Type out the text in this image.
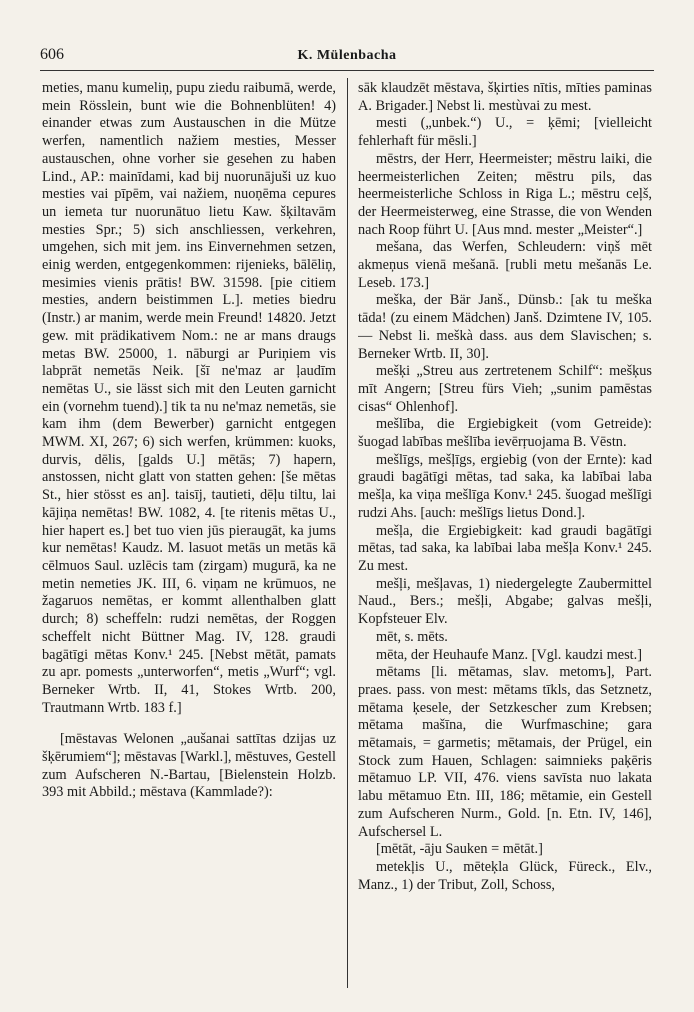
606	K. Mülenbacha

meties, manu kumeliņ, pupu ziedu raibumā, werde, mein Rösslein, bunt wie die Bohnenblüten! 4) einander etwas zum Austauschen in die Mütze werfen, namentlich nažiem mesties, Messer austauschen, ohne vorher sie gesehen zu haben Lind., AP.: mainīdami, kad bij nuorunājuši uz kuo mesties vai pīpēm, vai nažiem, nuoņēma cepures un iemeta tur nuorunātuo lietu Kaw. šķiltavām mesties Spr.; 5) sich anschliessen, verkehren, umgehen, sich mit jem. ins Einvernehmen setzen, einig werden, entgegenkommen: rijenieks, bālēliņ, mesimies vienis prātis! BW. 31598. [pie citiem mesties, andern beistimmen L.]. meties biedru (Instr.) ar manim, werde mein Freund! 14820. Jetzt gew. mit prädikativem Nom.: ne ar mans draugs metas BW. 25000, 1. nāburgi ar Puriņiem vis labprāt nemetās Neik. [šī ne'maz ar ļaudīm nemētas U., sie lässt sich mit den Leuten garnicht ein (vornehm tuend).] tik ta nu ne'maz nemetās, sie kam ihm (dem Bewerber) garnicht entgegen MWM. XI, 267; 6) sich werfen, krümmen: kuoks, durvis, dēlis, [galds U.] mētās; 7) hapern, anstossen, nicht glatt von statten gehen: [še mētas St., hier stösst es an]. taisīj, tautieti, dēļu tiltu, lai kājiņa nemētas! BW. 1082, 4. [te ritenis mētas U., hier hapert es.] bet tuo vien jūs pieraugāt, ka jums kur nemētas! Kaudz. M. lasuot metās un metās kā cēlmuos Saul. uzlēcis tam (zirgam) mugurā, ka ne metin nemeties JK. III, 6. viņam ne krūmuos, ne žagaruos nemētas, er kommt allenthalben glatt durch; 8) scheffeln: rudzi nemētas, der Roggen scheffelt nicht Büttner Mag. IV, 128. graudi bagātīgi mētas Konv.¹ 245. [Nebst mētāt, pamats zu apr. pomests „unterworfen“, metis „Wurf“; vgl. Berneker Wrtb. II, 41, Stokes Wrtb. 200, Trautmann Wrtb. 183 f.]

[mēstavas Welonen „aušanai sattītas dzijas uz šķērumiem“]; mēstavas [Warkl.], mēstuves, Gestell zum Aufscheren N.-Bartau, [Bielenstein Holzb. 393 mit Abbild.; mēstava (Kammlade?):

sāk klaudzēt mēstava, šķirties nītis, mīties paminas A. Brigader.] Nebst li. mestùvai zu mest.

mesti („unbek.“) U., = ķēmi; [vielleicht fehlerhaft für mēsli.]

mēstrs, der Herr, Heermeister; mēstru laiki, die heermeisterlichen Zeiten; mēstru pils, das heermeisterliche Schloss in Riga L.; mēstru ceļš, der Heermeisterweg, eine Strasse, die von Wenden nach Roop führt U. [Aus mnd. mester „Meister“.]

mešana, das Werfen, Schleudern: viņš mēt akmeņus vienā mešanā. [rubli metu mešanās Le. Leseb. 173.]

meška, der Bär Janš., Dünsb.: [ak tu meška tāda! (zu einem Mädchen) Janš. Dzimtene IV, 105. — Nebst li. meškà dass. aus dem Slavischen; s. Berneker Wrtb. II, 30].

mešķi „Streu aus zertretenem Schilf“: mešķus mīt Angern; [Streu fürs Vieh; „sunim pamēstas cisas“ Ohlenhof].

mešlība, die Ergiebigkeit (vom Getreide): šuogad labības mešlība ievērŗuojama B. Vēstn.

mešlīgs, mešļīgs, ergiebig (von der Ernte): kad graudi bagātīgi mētas, tad saka, ka labībai laba mešļa, ka viņa mešlīga Konv.¹ 245. šuogad mešlīgi rudzi Ahs. [auch: mešlīgs lietus Dond.].

mešļa, die Ergiebigkeit: kad graudi bagātīgi mētas, tad saka, ka labībai laba mešļa Konv.¹ 245. Zu mest.

mešļi, mešļavas, 1) niedergelegte Zaubermittel Naud., Bers.; mešļi, Abgabe; galvas mešļi, Kopfsteuer Elv.

mēt, s. mēts.

mēta, der Heuhaufe Manz. [Vgl. kaudzi mest.]

mētams [li. mētamas, slav. metomъ], Part. praes. pass. von mest: mētams tīkls, das Setznetz, mētama ķesele, der Setzkescher zum Krebsen; mētama mašīna, die Wurfmaschine; gara mētamais, = garmetis; mētamais, der Prügel, ein Stock zum Hauen, Schlagen: saimnieks paķēris mētamuo LP. VII, 476. viens savīsta nuo lakata labu mētamuo Etn. III, 186; mētamie, ein Gestell zum Aufscheren Nurm., Gold. [n. Etn. IV, 146], Aufschersel L.

[mētāt, -āju Sauken = mētāt.]

metekļis U., mēteķla Glück, Füreck., Elv., Manz., 1) der Tribut, Zoll, Schoss,
